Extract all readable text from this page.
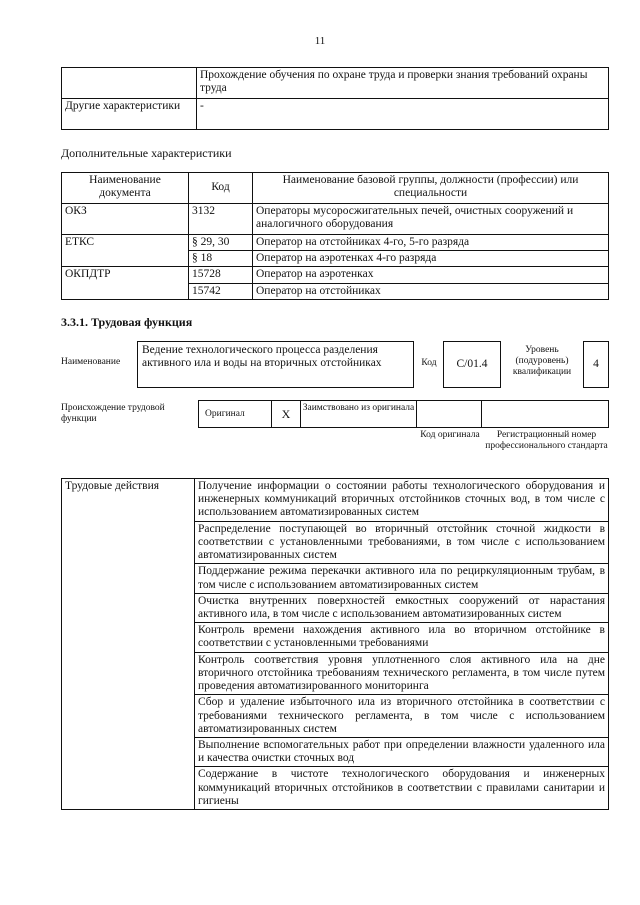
11
	Прохождение обучения по охране труда и проверки знания требований охраны труда
Другие характеристики	-
Дополнительные характеристики
Наименование документа	Код	Наименование базовой группы, должности (профессии) или специальности
ОКЗ	3132	Операторы мусоросжигательных печей, очистных сооружений и аналогичного оборудования
ЕТКС	§ 29, 30	Оператор на отстойниках 4-го, 5-го разряда
	§ 18	Оператор на аэротенках 4-го разряда
ОКПДТР	15728	Оператор на аэротенках
	15742	Оператор на отстойниках
3.3.1. Трудовая функция
Наименование
Ведение технологического процесса разделения активного ила и воды на вторичных отстойниках	Код	C/01.4
Уровень (подуровень) квалификации
4
Происхождение трудовой функции	Оригинал	X	Заимствовано из оригинала
Код оригинала	Регистрационный номер профессионального стандарта
Трудовые действия	Получение информации о состоянии работы технологического оборудования и инженерных коммуникаций вторичных отстойников сточных вод, в том числе с использованием автоматизированных систем
Распределение поступающей во вторичный отстойник сточной жидкости в соответствии с установленными требованиями, в том числе с использованием автоматизированных систем
Поддержание режима перекачки активного ила по рециркуляционным трубам, в том числе с использованием автоматизированных систем
Очистка внутренних поверхностей емкостных сооружений от нарастания активного ила, в том числе с использованием автоматизированных систем
Контроль времени нахождения активного ила во вторичном отстойнике в соответствии с установленными требованиями
Контроль соответствия уровня уплотненного слоя активного ила на дне вторичного отстойника требованиям технического регламента, в том числе путем проведения автоматизированного мониторинга
Сбор и удаление избыточного ила из вторичного отстойника в соответствии с требованиями технического регламента, в том числе с использованием автоматизированных систем
Выполнение вспомогательных работ при определении влажности удаленного ила и качества очистки сточных вод
Содержание в чистоте технологического оборудования и инженерных коммуникаций вторичных отстойников в соответствии с правилами санитарии и гигиены
